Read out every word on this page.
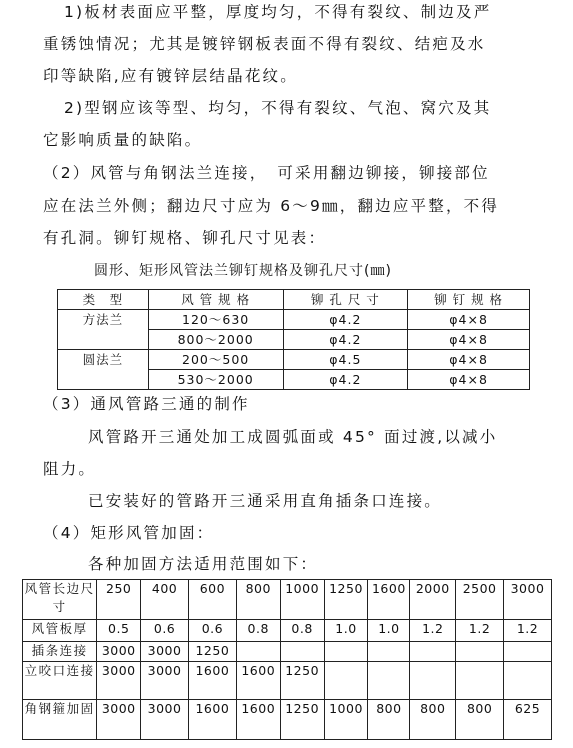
1)板材表面应平整，厚度均匀，不得有裂纹、制边及严
重锈蚀情况；尤其是镀锌钢板表面不得有裂纹、结疤及水
印等缺陷,应有镀锌层结晶花纹。
2)型钢应该等型、均匀，不得有裂纹、气泡、窝穴及其
它影响质量的缺陷。
（2）风管与角钢法兰连接，　可采用翻边铆接，铆接部位
应在法兰外侧；翻边尺寸应为 6～9㎜，翻边应平整，不得
有孔洞。铆钉规格、铆孔尺寸见表：
圆形、矩形风管法兰铆钉规格及铆孔尺寸(㎜)
类　型	风 管 规 格	铆 孔 尺 寸	铆 钉 规 格
方法兰	120～630	φ4.2	φ4×8
	800～2000	φ4.2	φ4×8
圆法兰	200～500	φ4.5	φ4×8
	530～2000	φ4.2	φ4×8
（3）通风管路三通的制作
风管路开三通处加工成圆弧面或 45° 面过渡,以减小
阻力。
已安装好的管路开三通采用直角插条口连接。
（4）矩形风管加固：
各种加固方法适用范围如下：
风管长边尺寸	250	400	600	800	1000	1250	1600	2000	2500	3000
风管板厚	0.5	0.6	0.6	0.8	0.8	1.0	1.0	1.2	1.2	1.2
插条连接	3000	3000	1250							
立咬口连接	3000	3000	1600	1600	1250					
角钢箍加固	3000	3000	1600	1600	1250	1000	800	800	800	625
